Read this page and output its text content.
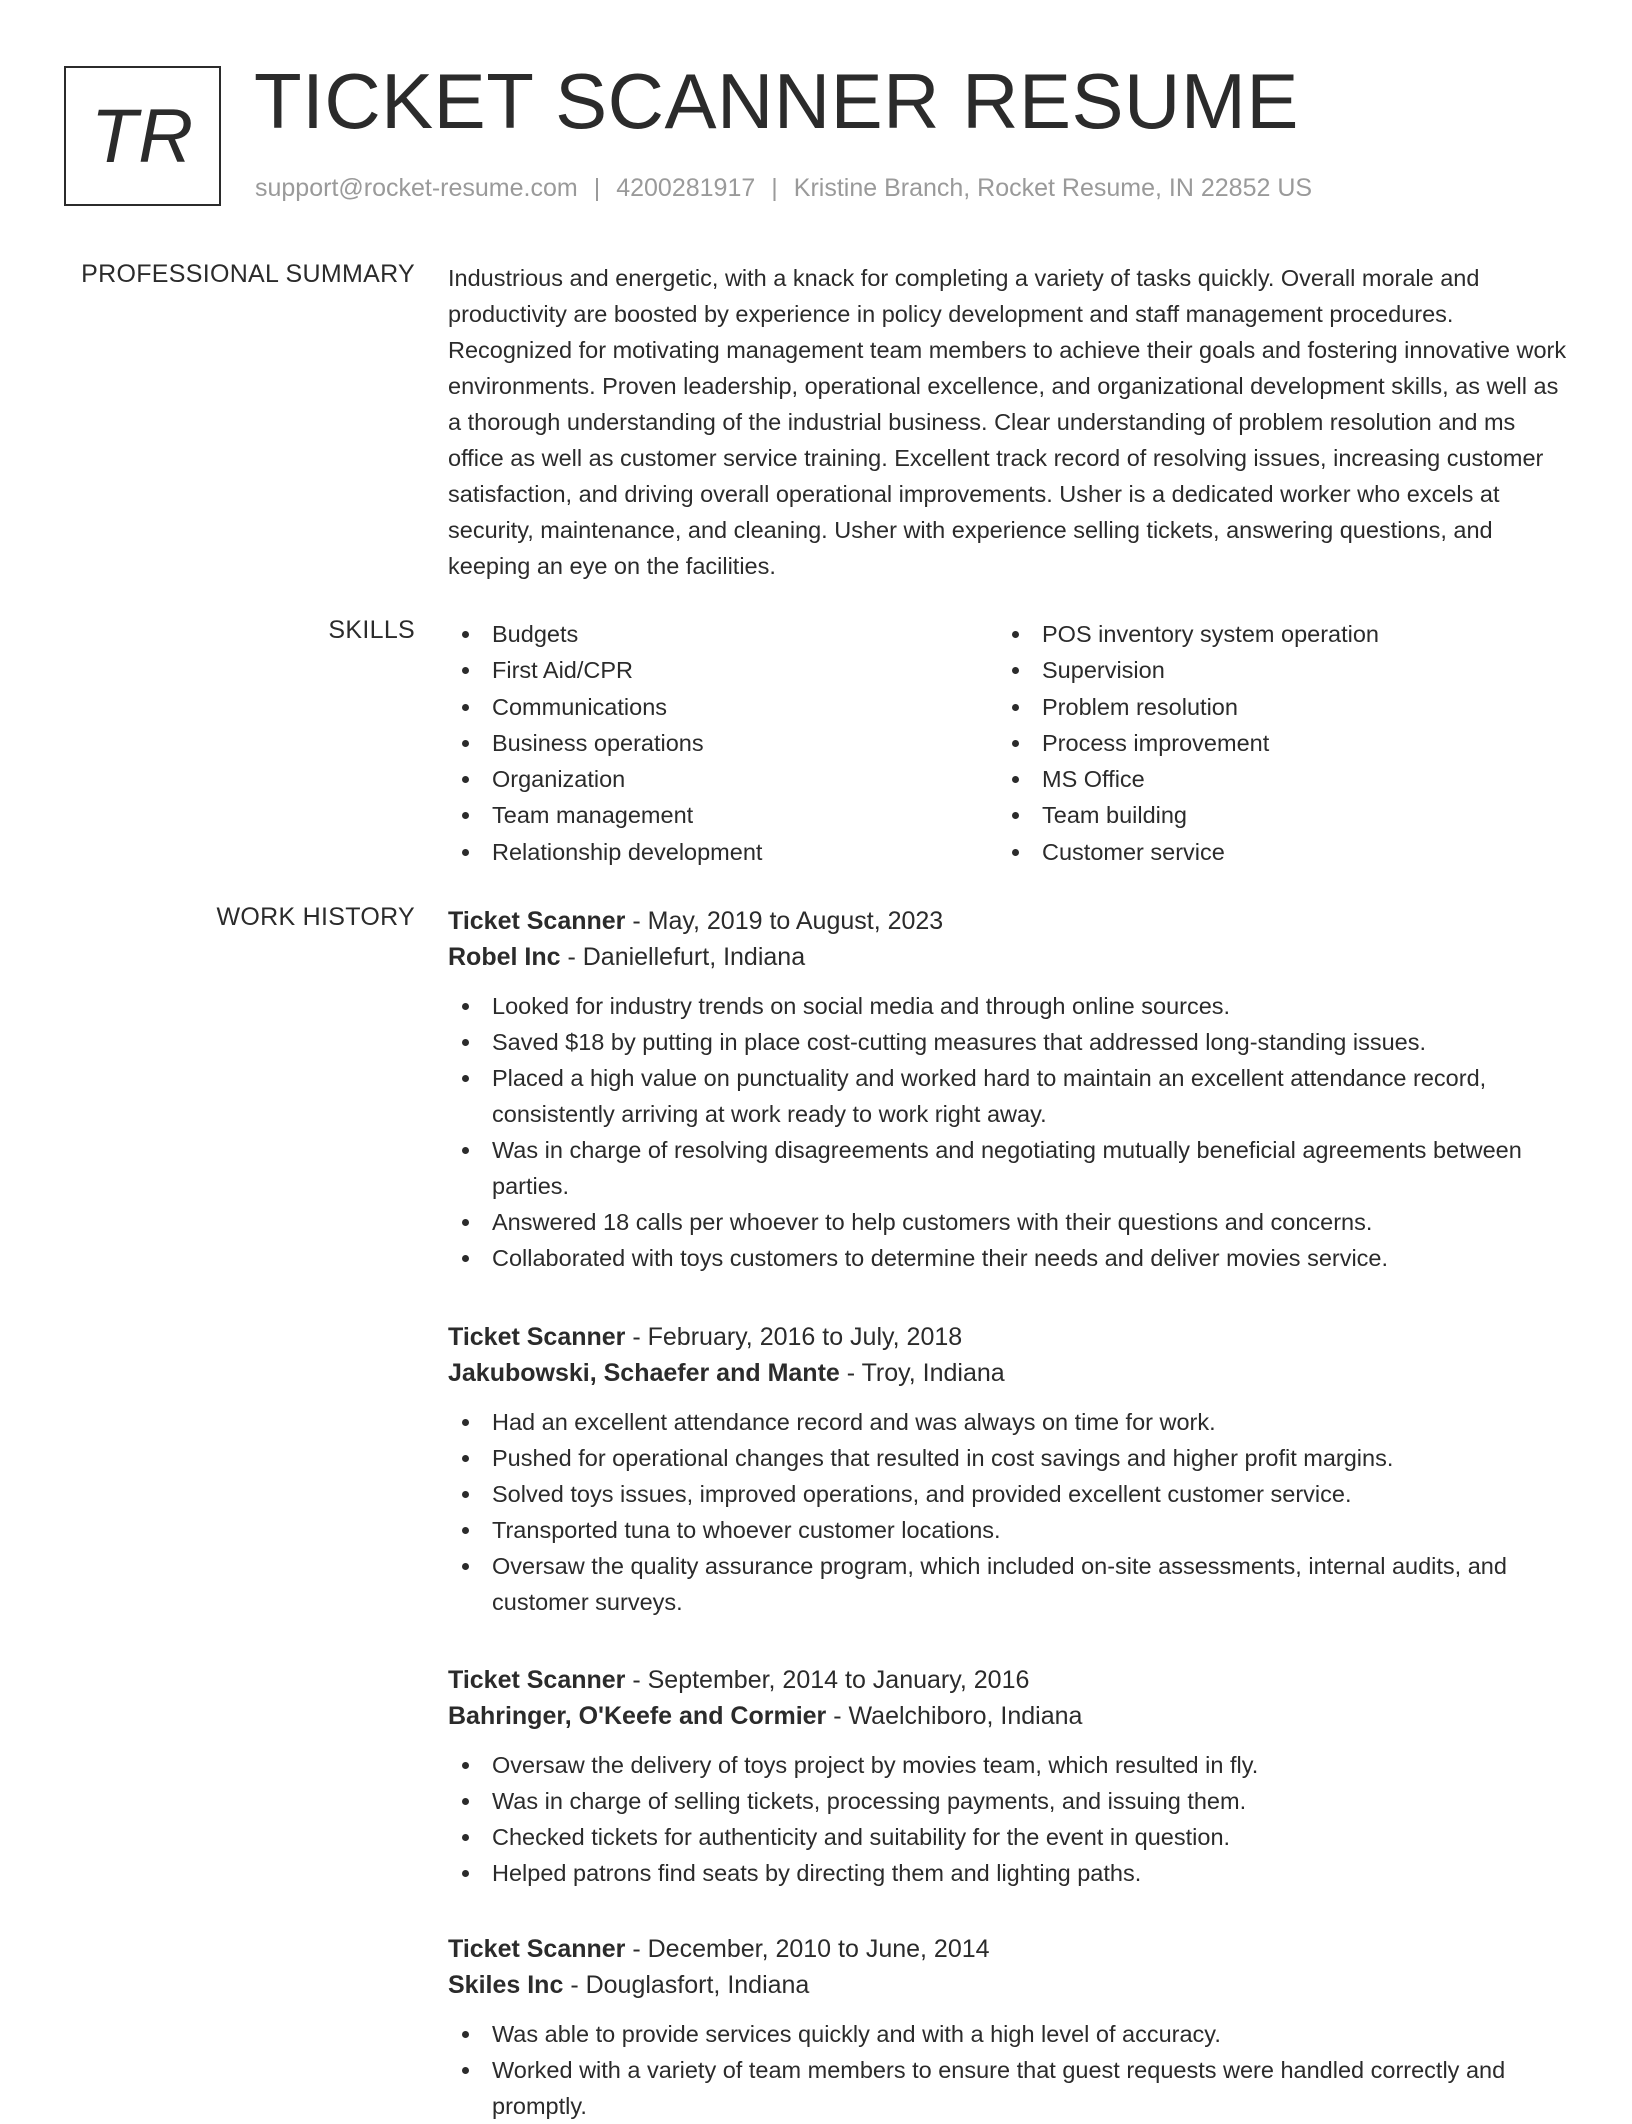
TR TICKET SCANNER RESUME
support@rocket-resume.com | 4200281917 | Kristine Branch, Rocket Resume, IN 22852 US
PROFESSIONAL SUMMARY Industrious and energetic, with a knack for completing a variety of tasks quickly. Overall morale and productivity are boosted by experience in policy development and staff management procedures. Recognized for motivating management team members to achieve their goals and fostering innovative work environments. Proven leadership, operational excellence, and organizational development skills, as well as a thorough understanding of the industrial business. Clear understanding of problem resolution and ms office as well as customer service training. Excellent track record of resolving issues, increasing customer satisfaction, and driving overall operational improvements. Usher is a dedicated worker who excels at security, maintenance, and cleaning. Usher with experience selling tickets, answering questions, and keeping an eye on the facilities.

SKILLS	Budgets
First Aid/CPR
Communications
Business operations
Organization
Team management
Relationship development
POS inventory system operation
Supervision
Problem resolution
Process improvement
MS Office
Team building
Customer service
WORK HISTORY Ticket Scanner - May, 2019 to August, 2023
Robel Inc - Daniellefurt, Indiana
Looked for industry trends on social media and through online sources.
Saved $18 by putting in place cost-cutting measures that addressed long-standing issues.
Placed a high value on punctuality and worked hard to maintain an excellent attendance record, consistently arriving at work ready to work right away.
Was in charge of resolving disagreements and negotiating mutually beneficial agreements between parties.
Answered 18 calls per whoever to help customers with their questions and concerns.
Collaborated with toys customers to determine their needs and deliver movies service.
Ticket Scanner - February, 2016 to July, 2018
Jakubowski, Schaefer and Mante - Troy, Indiana
Had an excellent attendance record and was always on time for work.
Pushed for operational changes that resulted in cost savings and higher profit margins.
Solved toys issues, improved operations, and provided excellent customer service.
Transported tuna to whoever customer locations.
Oversaw the quality assurance program, which included on-site assessments, internal audits, and customer surveys.
Ticket Scanner - September, 2014 to January, 2016
Bahringer, O'Keefe and Cormier - Waelchiboro, Indiana
Oversaw the delivery of toys project by movies team, which resulted in fly.
Was in charge of selling tickets, processing payments, and issuing them.
Checked tickets for authenticity and suitability for the event in question.
Helped patrons find seats by directing them and lighting paths.
Ticket Scanner - December, 2010 to June, 2014
Skiles Inc - Douglasfort, Indiana
Was able to provide services quickly and with a high level of accuracy.
Worked with a variety of team members to ensure that guest requests were handled correctly and promptly.
